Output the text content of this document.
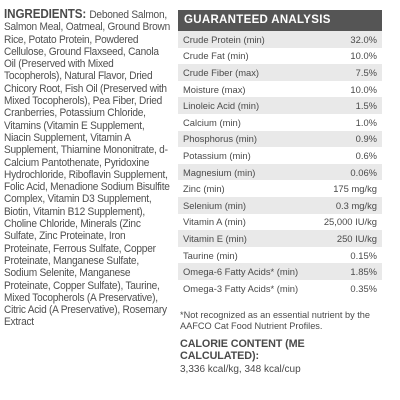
INGREDIENTS: Deboned Salmon, Salmon Meal, Oatmeal, Ground Brown Rice, Potato Protein, Powdered Cellulose, Ground Flaxseed, Canola Oil (Preserved with Mixed Tocopherols), Natural Flavor, Dried Chicory Root, Fish Oil (Preserved with Mixed Tocopherols), Pea Fiber, Dried Cranberries, Potassium Chloride, Vitamins (Vitamin E Supplement, Niacin Supplement, Vitamin A Supplement, Thiamine Mononitrate, d-Calcium Pantothenate, Pyridoxine Hydrochloride, Riboflavin Supplement, Folic Acid, Menadione Sodium Bisulfite Complex, Vitamin D3 Supplement, Biotin, Vitamin B12 Supplement), Choline Chloride, Minerals (Zinc Sulfate, Zinc Proteinate, Iron Proteinate, Ferrous Sulfate, Copper Proteinate, Manganese Sulfate, Sodium Selenite, Manganese Proteinate, Copper Sulfate), Taurine, Mixed Tocopherols (A Preservative), Citric Acid (A Preservative), Rosemary Extract
GUARANTEED ANALYSIS
Crude Protein (min)	32.0%
Crude Fat (min)	10.0%
Crude Fiber (max)	7.5%
Moisture (max)	10.0%
Linoleic Acid (min)	1.5%
Calcium (min)	1.0%
Phosphorus (min)	0.9%
Potassium (min)	0.6%
Magnesium (min)	0.06%
Zinc (min)	175 mg/kg
Selenium (min)	0.3 mg/kg
Vitamin A (min)	25,000 IU/kg
Vitamin E (min)	250 IU/kg
Taurine (min)	0.15%
Omega-6 Fatty Acids* (min)	1.85%
Omega-3 Fatty Acids* (min)	0.35%
*Not recognized as an essential nutrient by the AAFCO Cat Food Nutrient Profiles.
CALORIE CONTENT (ME CALCULATED):
3,336 kcal/kg, 348 kcal/cup
